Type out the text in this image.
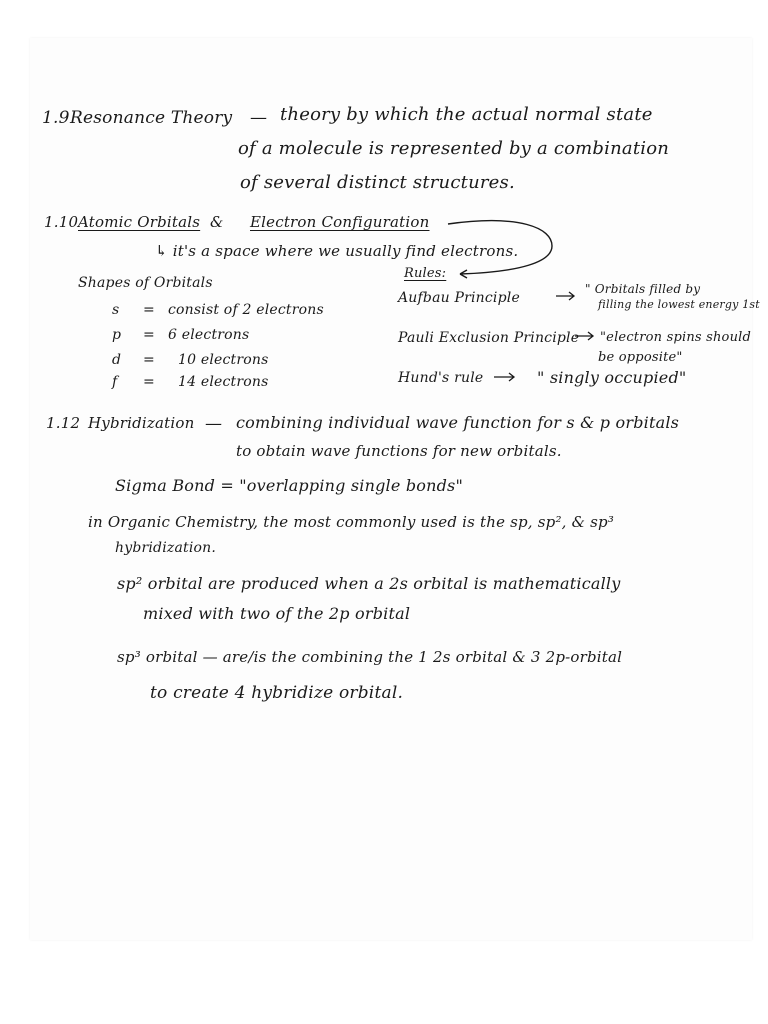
1.9 Resonance Theory — theory by which the actual normal state
of a molecule is represented by a combination
of several distinct structures.
1.10 Atomic Orbitals & Electron Configuration
↳ it's a space where we usually find electrons.
Shapes of Orbitals
s = consist of 2 electrons
p = 6 electrons
d = 10 electrons
f = 14 electrons
Rules:
Aufbau Principle
" Orbitals filled by
filling the lowest energy 1st
Pauli Exclusion Principle "electron spins should
be opposite"
Hund's rule	" singly occupied"
1.12 Hybridization — combining individual wave function for s & p orbitals
to obtain wave functions for new orbitals.
Sigma Bond = "overlapping single bonds"
in Organic Chemistry, the most commonly used is the sp, sp², & sp³
hybridization.
sp² orbital are produced when a 2s orbital is mathematically
mixed with two of the 2p orbital
sp³ orbital — are/is the combining the 1 2s orbital & 3 2p-orbital
to create 4 hybridize orbital.
